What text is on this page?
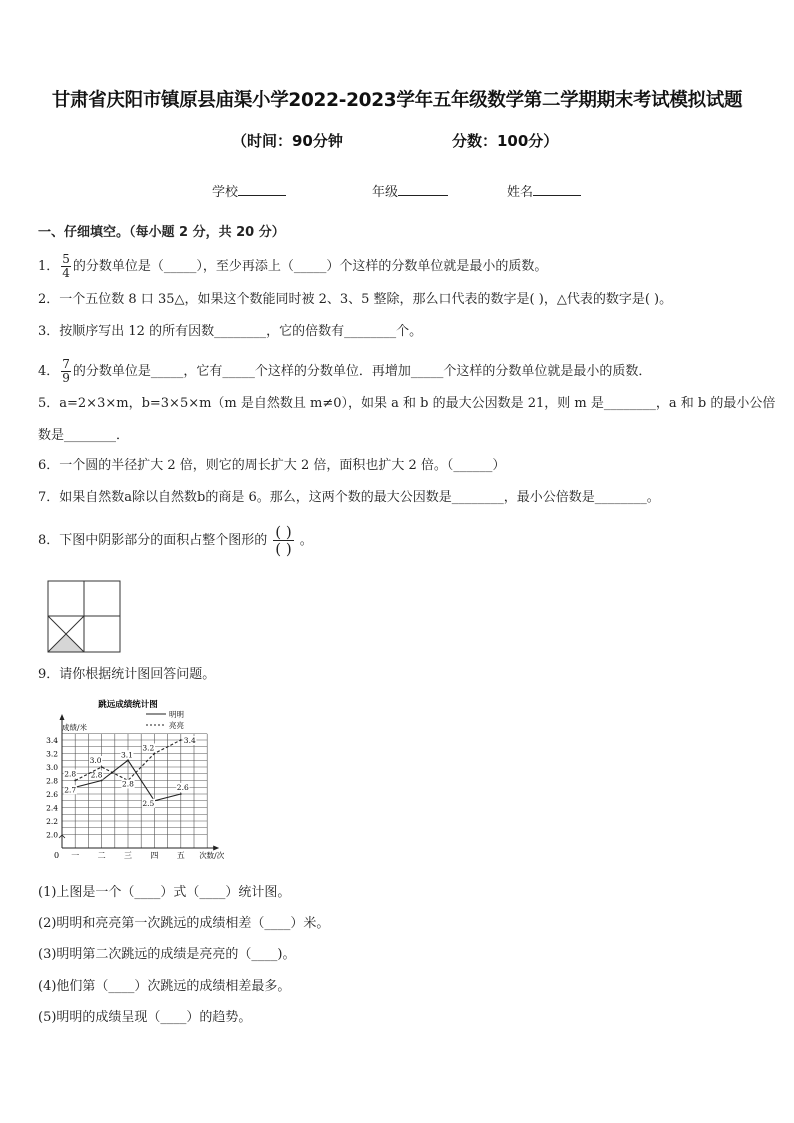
甘肃省庆阳市镇原县庙渠小学2022-2023学年五年级数学第二学期期末考试模拟试题
（时间：90分钟	分数：100分）
学校	年级	姓名
一、仔细填空。（每小题 2 分，共 20 分）
1． $\frac{5}{4}$ 的分数单位是（_____），至少再添上（_____）个这样的分数单位就是最小的质数。
2．一个五位数 8 口 35△，如果这个数能同时被 2、3、5 整除，那么口代表的数字是( )，△代表的数字是( )。
3．按顺序写出 12 的所有因数________，它的倍数有________个。
4． $\frac{7}{9}$ 的分数单位是_____，它有_____个这样的分数单位．再增加_____个这样的分数单位就是最小的质数．
5．a=2×3×m，b=3×5×m（m 是自然数且 m≠0），如果 a 和 b 的最大公因数是 21，则 m 是________，a 和 b 的最小公倍
数是________．
6．一个圆的半径扩大 2 倍，则它的周长扩大 2 倍，面积也扩大 2 倍。（______）
7．如果自然数a除以自然数b的商是 6。那么，这两个数的最大公因数是________，最小公倍数是________。
8．下图中阴影部分的面积占整个图形的 $\frac{( )}{( )}$ 。
9．请你根据统计图回答问题。
跳远成绩统计图
成绩/米
0
2.0
2.2
2.4
2.6
2.8
3.0
3.2
3.4
一 二 三 四 五 次数/次
明明
亮亮
2.7
2.8
3.1
2.5
2.6
2.8
3.0
2.8
3.2
3.4
(1)上图是一个（____）式（____）统计图。
(2)明明和亮亮第一次跳远的成绩相差（____）米。
(3)明明第二次跳远的成绩是亮亮的（____)。
(4)他们第（____）次跳远的成绩相差最多。
(5)明明的成绩呈现（____）的趋势。
